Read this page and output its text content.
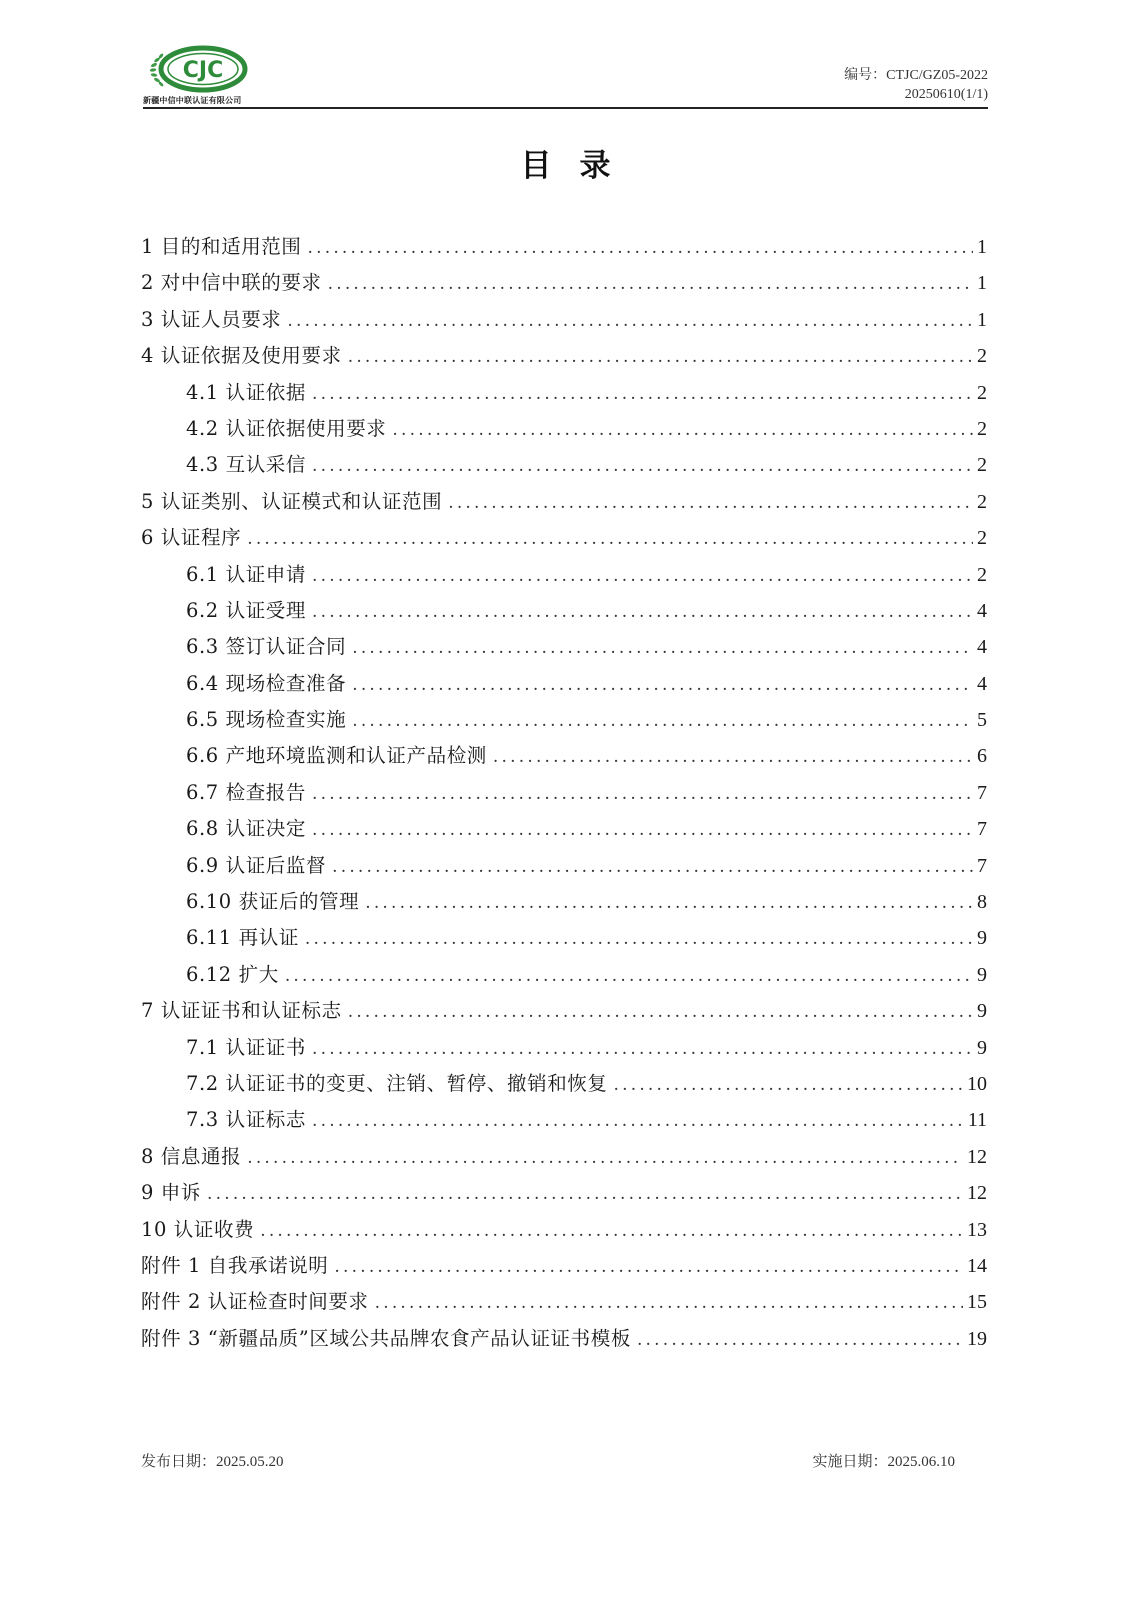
CJC
新疆中信中联认证有限公司
编号：CTJC/GZ05-2022
20250610(1/1)
目录
1 目的和适用范围 .....	1
2 对中信中联的要求 .....	1
3 认证人员要求 .....	1
4 认证依据及使用要求 .....	2
4.1 认证依据 .....	2
4.2 认证依据使用要求 .....	2
4.3 互认采信 .....	2
5 认证类别、认证模式和认证范围 .....	2
6 认证程序 .....	2
6.1 认证申请 .....	2
6.2 认证受理 .....	4
6.3 签订认证合同 .....	4
6.4 现场检查准备 .....	4
6.5 现场检查实施 .....	5
6.6 产地环境监测和认证产品检测 .....	6
6.7 检查报告 .....	7
6.8 认证决定 .....	7
6.9 认证后监督 .....	7
6.10 获证后的管理 .....	8
6.11 再认证 .....	9
6.12 扩大 .....	9
7 认证证书和认证标志 .....	9
7.1 认证证书 .....	9
7.2 认证证书的变更、注销、暂停、撤销和恢复 .....	10
7.3 认证标志 .....	11
8 信息通报 .....	12
9 申诉 .....	12
10 认证收费 .....	13
附件 1 自我承诺说明 .....	14
附件 2 认证检查时间要求 .....	15
附件 3 “新疆品质”区域公共品牌农食产品认证证书模板 .....	19
发布日期：2025.05.20	实施日期：2025.06.10
